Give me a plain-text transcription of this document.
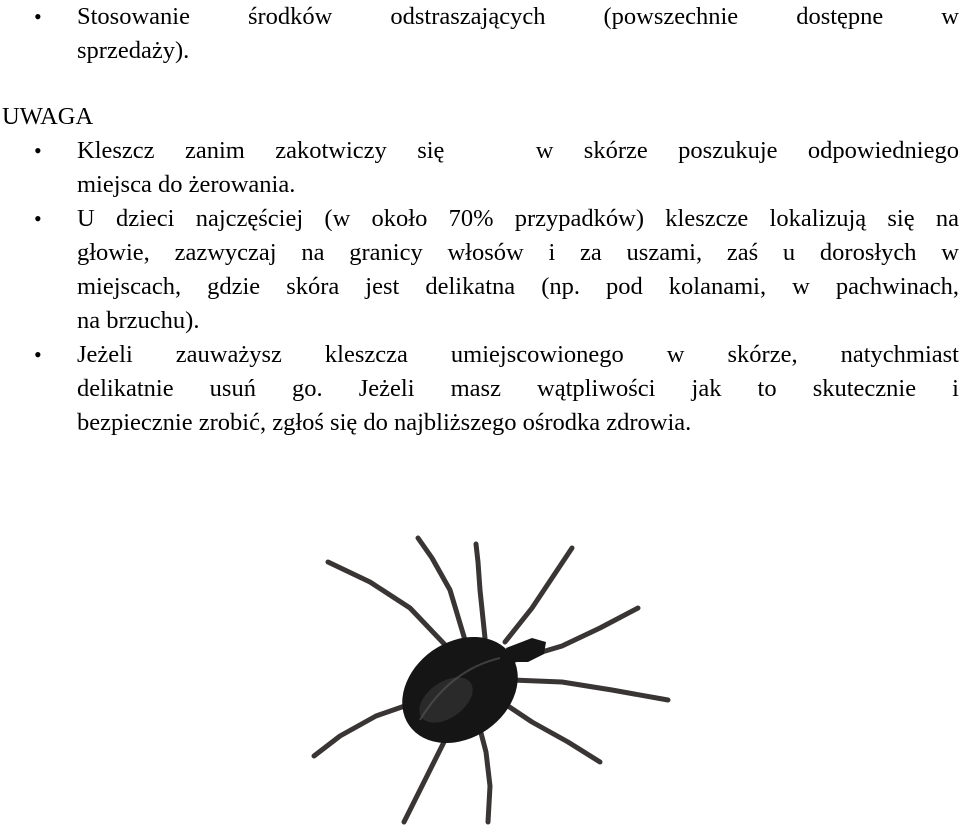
• Stosowanie środków odstraszających (powszechnie dostępne w
sprzedaży).
UWAGA
• Kleszcz zanim zakotwiczy się   w skórze poszukuje odpowiedniego
miejsca do żerowania.
• U dzieci najczęściej (w około 70% przypadków) kleszcze lokalizują się na
głowie, zazwyczaj na granicy włosów i za uszami, zaś u dorosłych w
miejscach, gdzie skóra jest delikatna (np. pod kolanami, w pachwinach,
na brzuchu).
• Jeżeli zauważysz kleszcza umiejscowionego w skórze, natychmiast
delikatnie usuń go. Jeżeli masz wątpliwości jak to skutecznie i
bezpiecznie zrobić, zgłoś się do najbliższego ośrodka zdrowia.
